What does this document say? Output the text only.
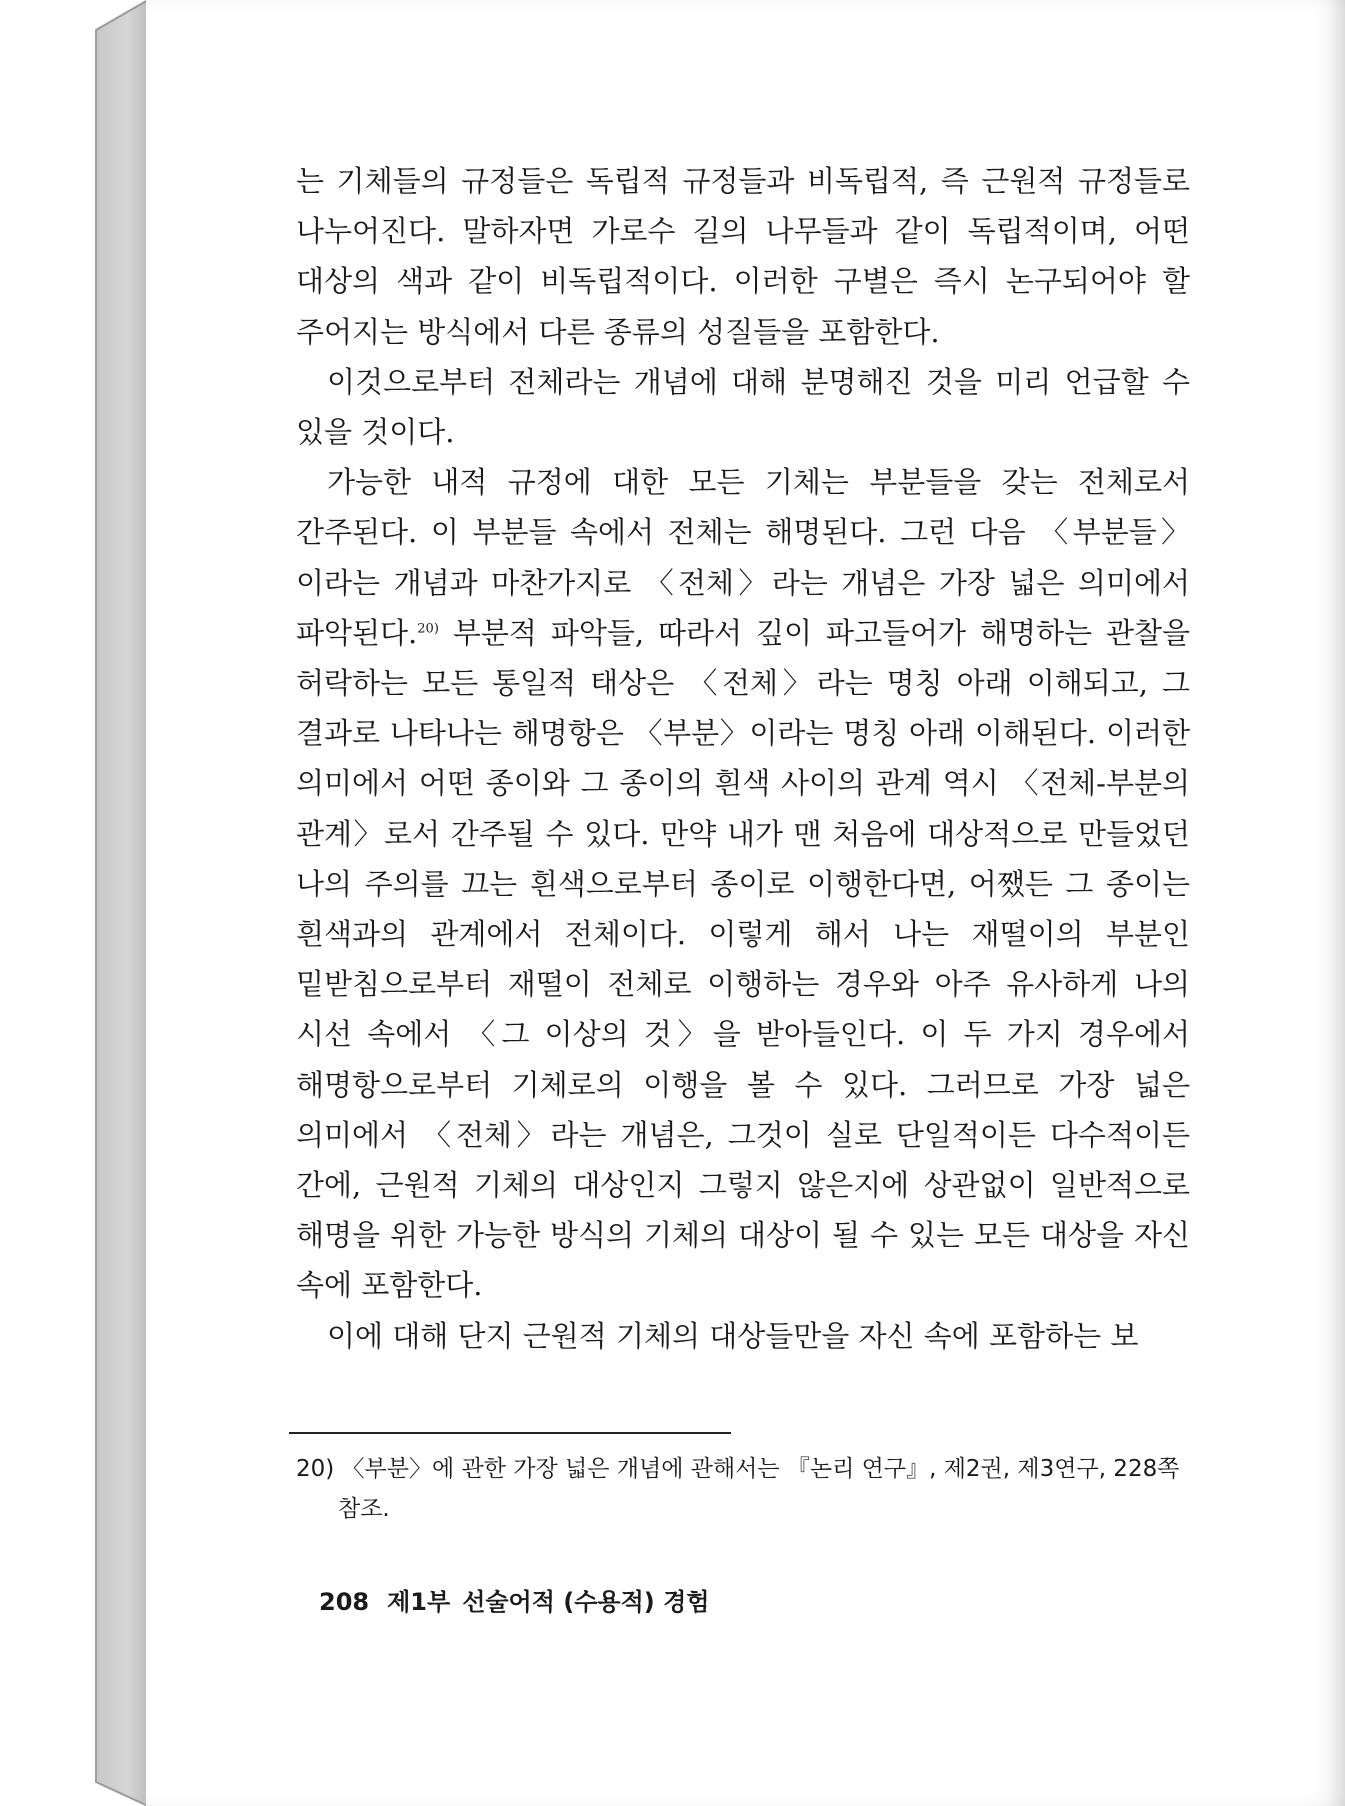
는 기체들의 규정들은 독립적 규정들과 비독립적, 즉 근원적 규정들로 나누어진다. 말하자면 가로수 길의 나무들과 같이 독립적이며, 어떤 대상의 색과 같이 비독립적이다. 이러한 구별은 즉시 논구되어야 할 주어지는 방식에서 다른 종류의 성질들을 포함한다.

이것으로부터 전체라는 개념에 대해 분명해진 것을 미리 언급할 수 있을 것이다.

가능한 내적 규정에 대한 모든 기체는 부분들을 갖는 전체로서 간주된다. 이 부분들 속에서 전체는 해명된다. 그런 다음 〈부분들〉이라는 개념과 마찬가지로 〈전체〉라는 개념은 가장 넓은 의미에서 파악된다.$^{20)}$ 부분적 파악들, 따라서 깊이 파고들어가 해명하는 관찰을 허락하는 모든 통일적 태상은 〈전체〉라는 명칭 아래 이해되고, 그 결과로 나타나는 해명항은 〈부분〉이라는 명칭 아래 이해된다. 이러한 의미에서 어떤 종이와 그 종이의 흰색 사이의 관계 역시 〈전체-부분의 관계〉로서 간주될 수 있다. 만약 내가 맨 처음에 대상적으로 만들었던 나의 주의를 끄는 흰색으로부터 종이로 이행한다면, 어쨌든 그 종이는 흰색과의 관계에서 전체이다. 이렇게 해서 나는 재떨이의 부분인 밑받침으로부터 재떨이 전체로 이행하는 경우와 아주 유사하게 나의 시선 속에서 〈그 이상의 것〉을 받아들인다. 이 두 가지 경우에서 해명항으로부터 기체로의 이행을 볼 수 있다. 그러므로 가장 넓은 의미에서 〈전체〉라는 개념은, 그것이 실로 단일적이든 다수적이든 간에, 근원적 기체의 대상인지 그렇지 않은지에 상관없이 일반적으로 해명을 위한 가능한 방식의 기체의 대상이 될 수 있는 모든 대상을 자신 속에 포함한다.

이에 대해 단지 근원적 기체의 대상들만을 자신 속에 포함하는 보

20) 〈부분〉에 관한 가장 넓은 개념에 관해서는 『논리 연구』, 제2권, 제3연구, 228쪽 참조.
208 제1부 선술어적 (수용적) 경험
